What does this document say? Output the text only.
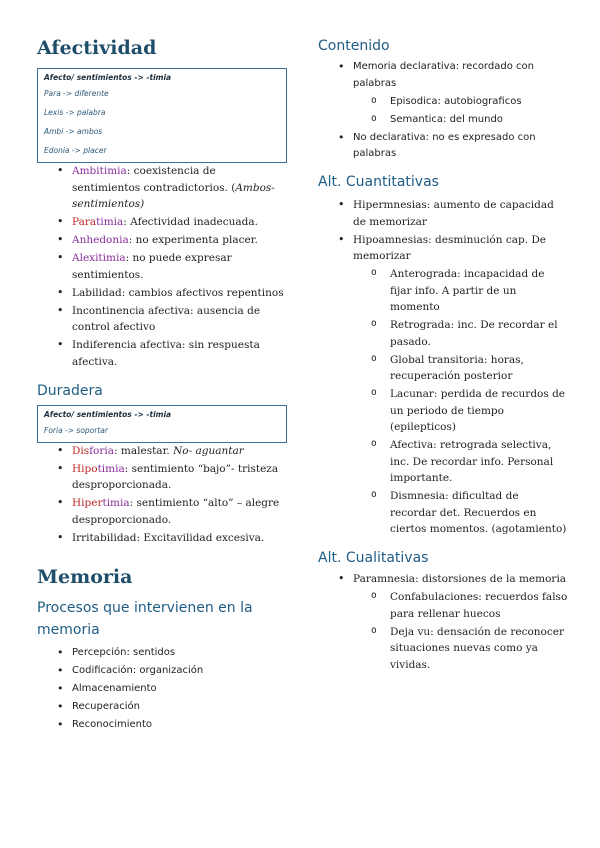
Afectividad
Afecto/ sentimientos -> -timia
Para -> diferente
Lexis -> palabra
Ambi -> ambos
Edonia -> placer
• Ambitimia: coexistencia de sentimientos contradictorios. (Ambos- sentimientos)
• Paratimia: Afectividad inadecuada.
• Anhedonia: no experimenta placer.
• Alexitimia: no puede expresar sentimientos.
• Labilidad: cambios afectivos repentinos
• Incontinencia afectiva: ausencia de control afectivo
• Indiferencia afectiva: sin respuesta afectiva.
Duradera
Afecto/ sentimientos -> -timia
Foria -> soportar
• Disforia: malestar. No- aguantar
• Hipotimia: sentimiento “bajo”- tristeza desproporcionada.
• Hipertimia: sentimiento “alto” – alegre desproporcionado.
• Irritabilidad: Excitavilidad excesiva.
Memoria
Procesos que intervienen en la memoria
• Percepción: sentidos
• Codificación: organización
• Almacenamiento
• Recuperación
• Reconocimiento
Contenido
• Memoria declarativa: recordado con palabras
o Episodica: autobiograficos
o Semantica: del mundo
• No declarativa: no es expresado con palabras
Alt. Cuantitativas
• Hipermnesias: aumento de capacidad de memorizar
• Hipoamnesias: desminución cap. De memorizar
o Anterograda: incapacidad de fijar info. A partir de un momento
o Retrograda: inc. De recordar el pasado.
o Global transitoria: horas, recuperación posterior
o Lacunar: perdida de recurdos de un periodo de tiempo (epilepticos)
o Afectiva: retrograda selectiva, inc. De recordar info. Personal importante.
o Dismnesia: dificultad de recordar det. Recuerdos en ciertos momentos. (agotamiento)
Alt. Cualitativas
• Paramnesia: distorsiones de la memoria
o Confabulaciones: recuerdos falso para rellenar huecos
o Deja vu: densación de reconocer situaciones nuevas como ya vividas.
